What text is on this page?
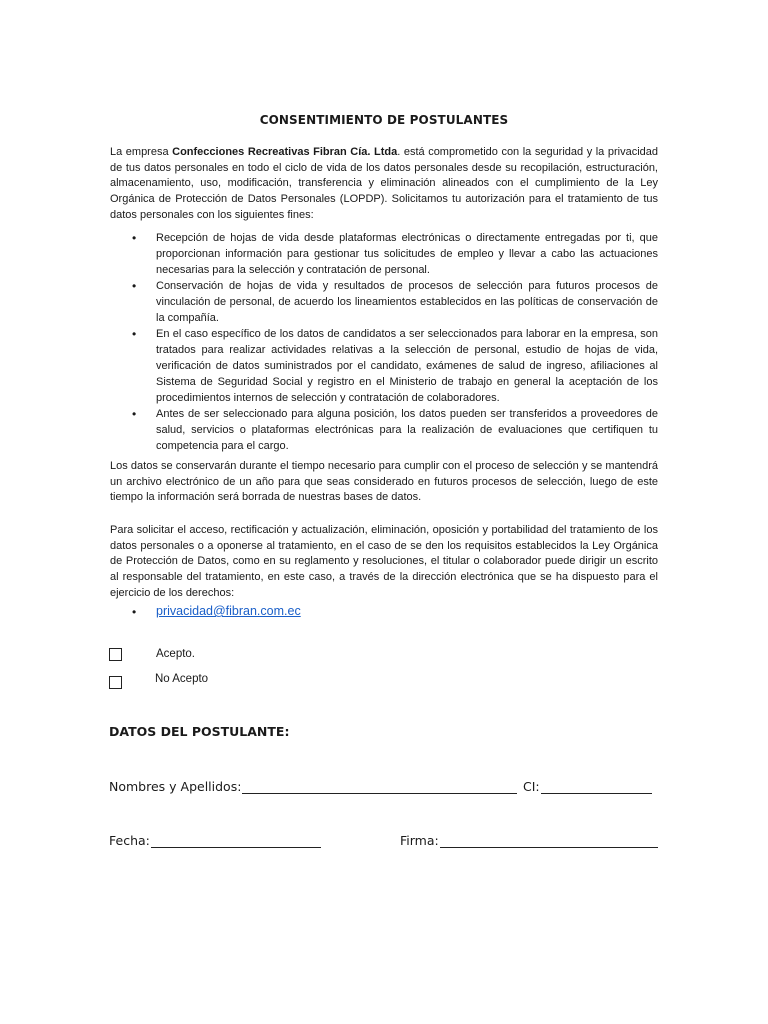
CONSENTIMIENTO DE POSTULANTES
La empresa Confecciones Recreativas Fibran Cía. Ltda. está comprometido con la seguridad y la privacidad de tus datos personales en todo el ciclo de vida de los datos personales desde su recopilación, estructuración, almacenamiento, uso, modificación, transferencia y eliminación alineados con el cumplimiento de la Ley Orgánica de Protección de Datos Personales (LOPDP). Solicitamos tu autorización para el tratamiento de tus datos personales con los siguientes fines:
• Recepción de hojas de vida desde plataformas electrónicas o directamente entregadas por ti, que proporcionan información para gestionar tus solicitudes de empleo y llevar a cabo las actuaciones necesarias para la selección y contratación de personal.
• Conservación de hojas de vida y resultados de procesos de selección para futuros procesos de vinculación de personal, de acuerdo los lineamientos establecidos en las políticas de conservación de la compañía.
• En el caso específico de los datos de candidatos a ser seleccionados para laborar en la empresa, son tratados para realizar actividades relativas a la selección de personal, estudio de hojas de vida, verificación de datos suministrados por el candidato, exámenes de salud de ingreso, afiliaciones al Sistema de Seguridad Social y registro en el Ministerio de trabajo en general la aceptación de los procedimientos internos de selección y contratación de colaboradores.
• Antes de ser seleccionado para alguna posición, los datos pueden ser transferidos a proveedores de salud, servicios o plataformas electrónicas para la realización de evaluaciones que certifiquen tu competencia para el cargo.
Los datos se conservarán durante el tiempo necesario para cumplir con el proceso de selección y se mantendrá un archivo electrónico de un año para que seas considerado en futuros procesos de selección, luego de este tiempo la información será borrada de nuestras bases de datos.
Para solicitar el acceso, rectificación y actualización, eliminación, oposición y portabilidad del tratamiento de los datos personales o a oponerse al tratamiento, en el caso de se den los requisitos establecidos la Ley Orgánica de Protección de Datos, como en su reglamento y resoluciones, el titular o colaborador puede dirigir un escrito al responsable del tratamiento, en este caso, a través de la dirección electrónica que se ha dispuesto para el ejercicio de los derechos:
• privacidad@fibran.com.ec
Acepto.
No Acepto
DATOS DEL POSTULANTE:
Nombres y Apellidos:	CI:
Fecha:	Firma:
